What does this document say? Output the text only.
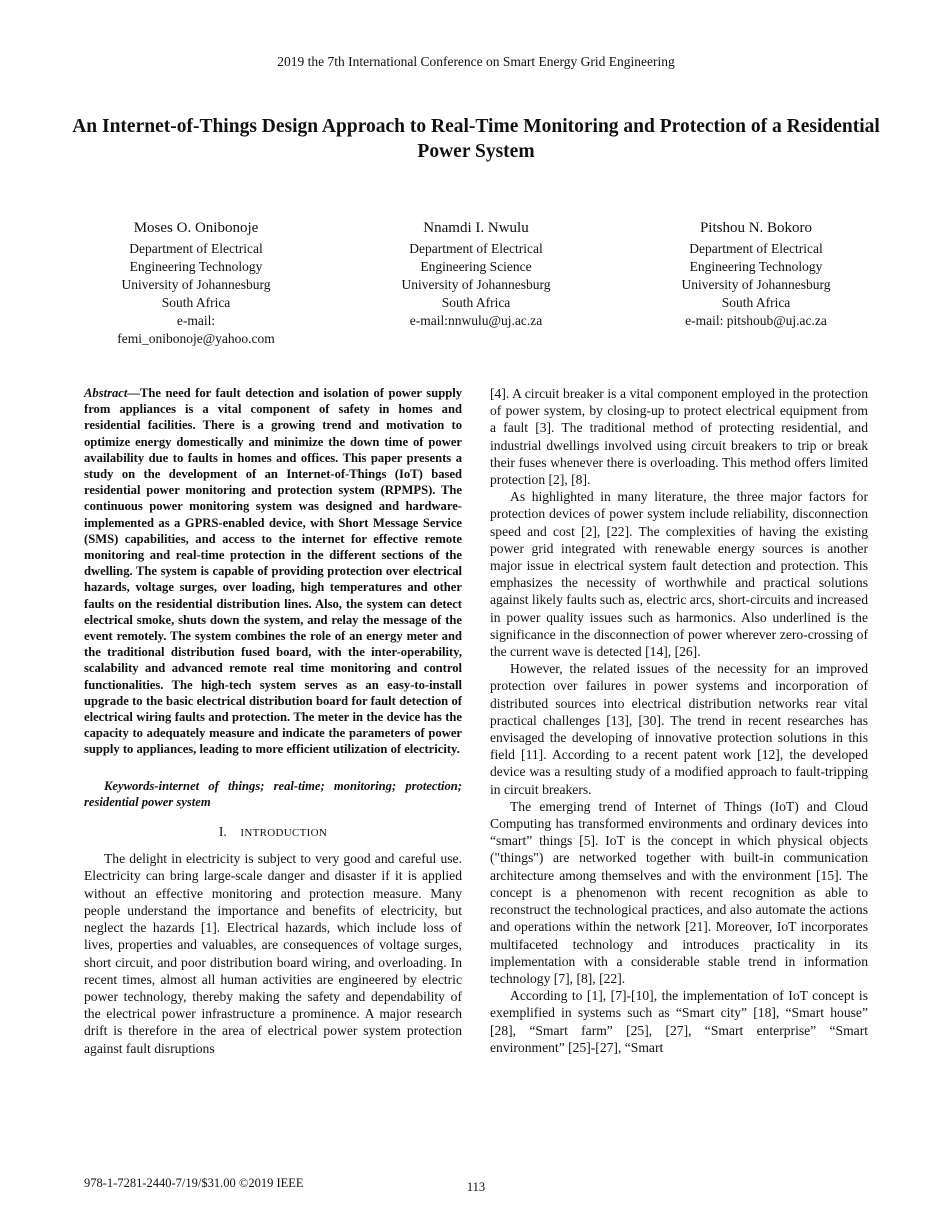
2019 the 7th International Conference on Smart Energy Grid Engineering
An Internet-of-Things Design Approach to Real-Time Monitoring and Protection of a Residential Power System
Moses O. Onibonoje
Department of Electrical
Engineering Technology
University of Johannesburg
South Africa
e-mail:
femi_onibonoje@yahoo.com
Nnamdi I. Nwulu
Department of Electrical
Engineering Science
University of Johannesburg
South Africa
e-mail:nnwulu@uj.ac.za
Pitshou N. Bokoro
Department of Electrical
Engineering Technology
University of Johannesburg
South Africa
e-mail: pitshoub@uj.ac.za

Abstract—The need for fault detection and isolation of power supply from appliances is a vital component of safety in homes and residential facilities. There is a growing trend and motivation to optimize energy domestically and minimize the down time of power availability due to faults in homes and offices. This paper presents a study on the development of an Internet-of-Things (IoT) based residential power monitoring and protection system (RPMPS). The continuous power monitoring system was designed and hardware-implemented as a GPRS-enabled device, with Short Message Service (SMS) capabilities, and access to the internet for effective remote monitoring and real-time protection in the different sections of the dwelling. The system is capable of providing protection over electrical hazards, voltage surges, over loading, high temperatures and other faults on the residential distribution lines. Also, the system can detect electrical smoke, shuts down the system, and relay the message of the event remotely. The system combines the role of an energy meter and the traditional distribution fused board, with the inter-operability, scalability and advanced remote real time monitoring and control functionalities. The high-tech system serves as an easy-to-install upgrade to the basic electrical distribution board for fault detection of electrical wiring faults and protection. The meter in the device has the capacity to adequately measure and indicate the parameters of power supply to appliances, leading to more efficient utilization of electricity.

Keywords-internet of things; real-time; monitoring; protection; residential power system

I. INTRODUCTION

The delight in electricity is subject to very good and careful use. Electricity can bring large-scale danger and disaster if it is applied without an effective monitoring and protection measure. Many people understand the importance and benefits of electricity, but neglect the hazards [1]. Electrical hazards, which include loss of lives, properties and valuables, are consequences of voltage surges, short circuit, and poor distribution board wiring, and overloading. In recent times, almost all human activities are engineered by electric power technology, thereby making the safety and dependability of the electrical power infrastructure a prominence. A major research drift is therefore in the area of electrical power system protection against fault disruptions

[4]. A circuit breaker is a vital component employed in the protection of power system, by closing-up to protect electrical equipment from a fault [3]. The traditional method of protecting residential, and industrial dwellings involved using circuit breakers to trip or break their fuses whenever there is overloading. This method offers limited protection [2], [8].

As highlighted in many literature, the three major factors for protection devices of power system include reliability, disconnection speed and cost [2], [22]. The complexities of having the existing power grid integrated with renewable energy sources is another major issue in electrical system fault detection and protection. This emphasizes the necessity of worthwhile and practical solutions against likely faults such as, electric arcs, short-circuits and increased in power quality issues such as harmonics. Also underlined is the significance in the disconnection of power wherever zero-crossing of the current wave is detected [14], [26].

However, the related issues of the necessity for an improved protection over failures in power systems and incorporation of distributed sources into electrical distribution networks rear vital practical challenges [13], [30]. The trend in recent researches has envisaged the developing of innovative protection solutions in this field [11]. According to a recent patent work [12], the developed device was a resulting study of a modified approach to fault-tripping in circuit breakers.

The emerging trend of Internet of Things (IoT) and Cloud Computing has transformed environments and ordinary devices into “smart” things [5]. IoT is the concept in which physical objects ("things") are networked together with built-in communication architecture among themselves and with the environment [15]. The concept is a phenomenon with recent recognition as able to reconstruct the technological practices, and also automate the actions and operations within the network [21]. Moreover, IoT incorporates multifaceted technology and introduces practicality in its implementation with a considerable stable trend in information technology [7], [8], [22].

According to [1], [7]-[10], the implementation of IoT concept is exemplified in systems such as “Smart city” [18], “Smart house” [28], “Smart farm” [25], [27], “Smart enterprise” “Smart environment” [25]-[27], “Smart

978-1-7281-2440-7/19/$31.00 ©2019 IEEE	113
